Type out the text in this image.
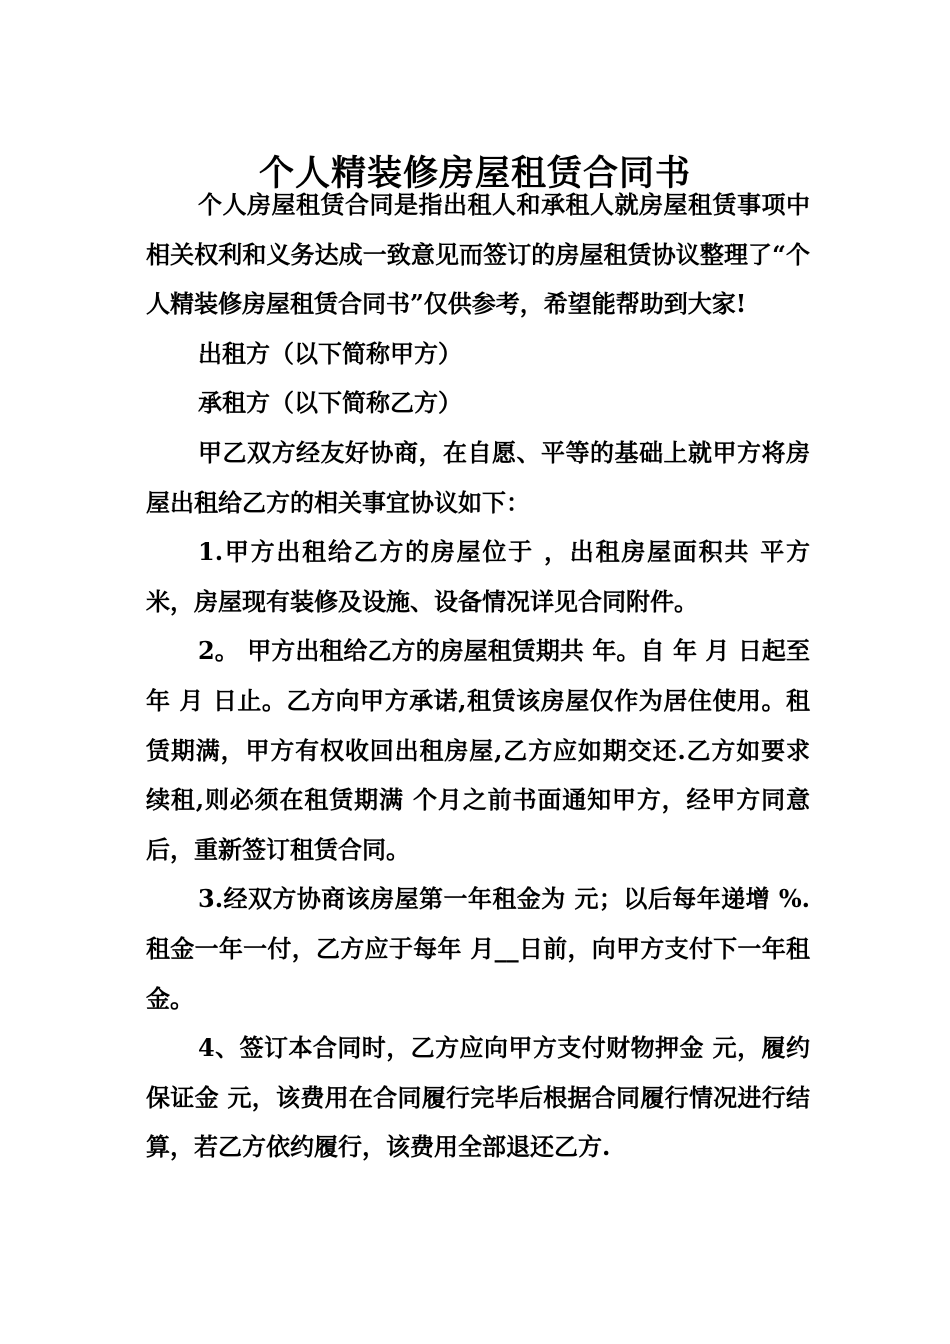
个人精装修房屋租赁合同书

个人房屋租赁合同是指出租人和承租人就房屋租赁事项中相关权利和义务达成一致意见而签订的房屋租赁协议整理了“个人精装修房屋租赁合同书”仅供参考，希望能帮助到大家!

出租方（以下简称甲方）

承租方（以下简称乙方）

甲乙双方经友好协商，在自愿、平等的基础上就甲方将房屋出租给乙方的相关事宜协议如下：

1.甲方出租给乙方的房屋位于 ，出租房屋面积共 平方米，房屋现有装修及设施、设备情况详见合同附件。

2。 甲方出租给乙方的房屋租赁期共 年。自 年 月 日起至 年 月 日止。乙方向甲方承诺,租赁该房屋仅作为居住使用。租赁期满，甲方有权收回出租房屋,乙方应如期交还.乙方如要求续租,则必须在租赁期满 个月之前书面通知甲方，经甲方同意后，重新签订租赁合同。

3.经双方协商该房屋第一年租金为 元；以后每年递增 %.租金一年一付，乙方应于每年 月__日前，向甲方支付下一年租金。

4、签订本合同时，乙方应向甲方支付财物押金 元，履约保证金 元，该费用在合同履行完毕后根据合同履行情况进行结算，若乙方依约履行，该费用全部退还乙方.
